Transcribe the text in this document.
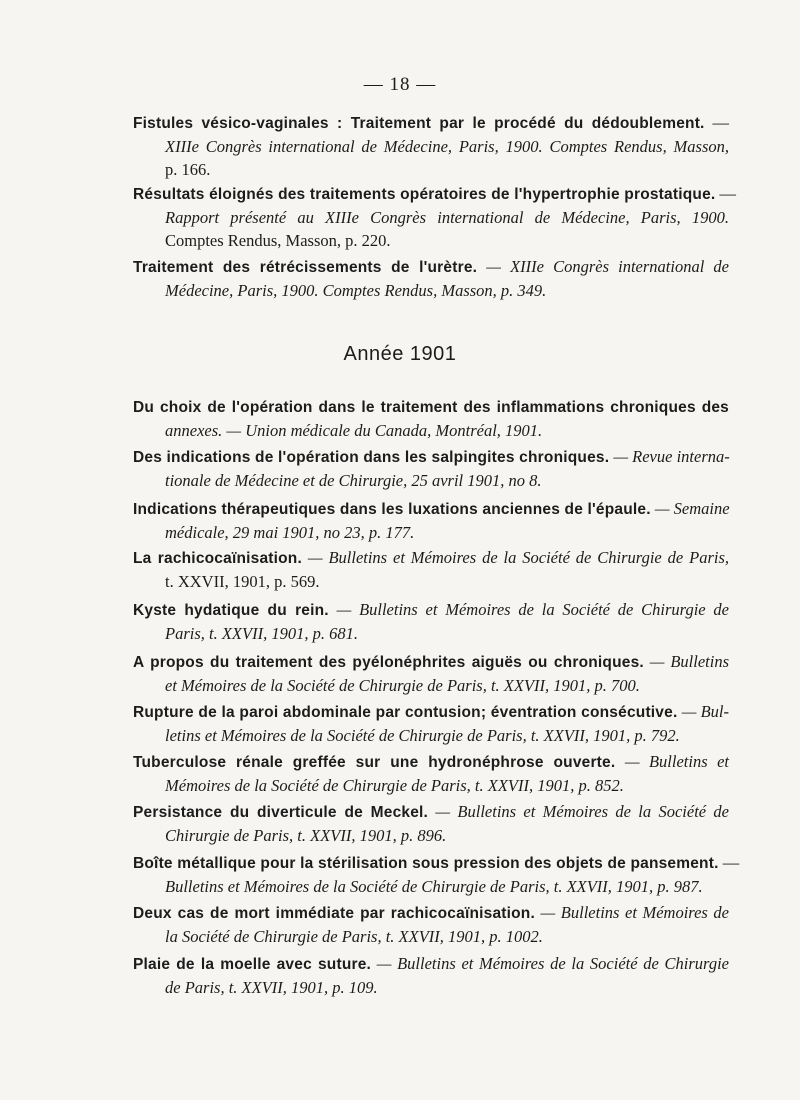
— 18 —
Fistules vésico-vaginales : Traitement par le procédé du dédoublement. —
XIIIe Congrès international de Médecine, Paris, 1900. Comptes Rendus, Masson,
p. 166.
Résultats éloignés des traitements opératoires de l'hypertrophie prostatique. —
Rapport présenté au XIIIe Congrès international de Médecine, Paris, 1900.
Comptes Rendus, Masson, p. 220.
Traitement des rétrécissements de l'urètre. — XIIIe Congrès international de
Médecine, Paris, 1900. Comptes Rendus, Masson, p. 349.
Année 1901
Du choix de l'opération dans le traitement des inflammations chroniques des
annexes. — Union médicale du Canada, Montréal, 1901.
Des indications de l'opération dans les salpingites chroniques. — Revue interna-
tionale de Médecine et de Chirurgie, 25 avril 1901, no 8.
Indications thérapeutiques dans les luxations anciennes de l'épaule. — Semaine
médicale, 29 mai 1901, no 23, p. 177.
La rachicocaïnisation. — Bulletins et Mémoires de la Société de Chirurgie de Paris,
t. XXVII, 1901, p. 569.
Kyste hydatique du rein. — Bulletins et Mémoires de la Société de Chirurgie de
Paris, t. XXVII, 1901, p. 681.
A propos du traitement des pyélonéphrites aiguës ou chroniques. — Bulletins
et Mémoires de la Société de Chirurgie de Paris, t. XXVII, 1901, p. 700.
Rupture de la paroi abdominale par contusion; éventration consécutive. — Bul-
letins et Mémoires de la Société de Chirurgie de Paris, t. XXVII, 1901, p. 792.
Tuberculose rénale greffée sur une hydronéphrose ouverte. — Bulletins et
Mémoires de la Société de Chirurgie de Paris, t. XXVII, 1901, p. 852.
Persistance du diverticule de Meckel. — Bulletins et Mémoires de la Société de
Chirurgie de Paris, t. XXVII, 1901, p. 896.
Boîte métallique pour la stérilisation sous pression des objets de pansement. —
Bulletins et Mémoires de la Société de Chirurgie de Paris, t. XXVII, 1901, p. 987.
Deux cas de mort immédiate par rachicocaïnisation. — Bulletins et Mémoires de
la Société de Chirurgie de Paris, t. XXVII, 1901, p. 1002.
Plaie de la moelle avec suture. — Bulletins et Mémoires de la Société de Chirurgie
de Paris, t. XXVII, 1901, p. 109.
